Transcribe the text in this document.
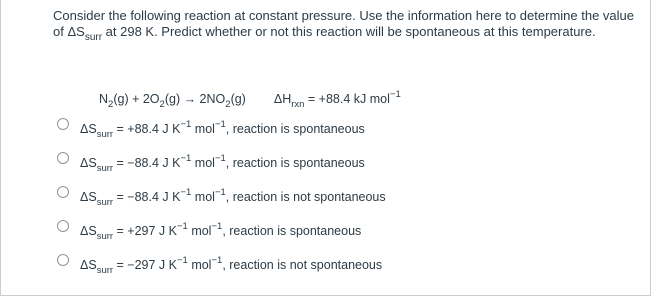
Consider the following reaction at constant pressure. Use the information here to determine the value of $\Delta S_{surr}$ at 298 K. Predict whether or not this reaction will be spontaneous at this temperature.
$N_2(g) + 2O_2(g) \to 2NO_2(g) \Delta H_{rxn} = +88.4$ kJ mol$^{-1}$
$\Delta S_{surr} = +88.4$ J $K^{-1}$ mol$^{-1}$, reaction is spontaneous
$\Delta S_{surr} = -88.4$ J $K^{-1}$ mol$^{-1}$, reaction is spontaneous
$\Delta S_{surr} = -88.4$ J $K^{-1}$ mol$^{-1}$, reaction is not spontaneous
$\Delta S_{surr} = +297$ J $K^{-1}$ mol$^{-1}$, reaction is spontaneous
$\Delta S_{surr} = -297$ J $K^{-1}$ mol$^{-1}$, reaction is not spontaneous
